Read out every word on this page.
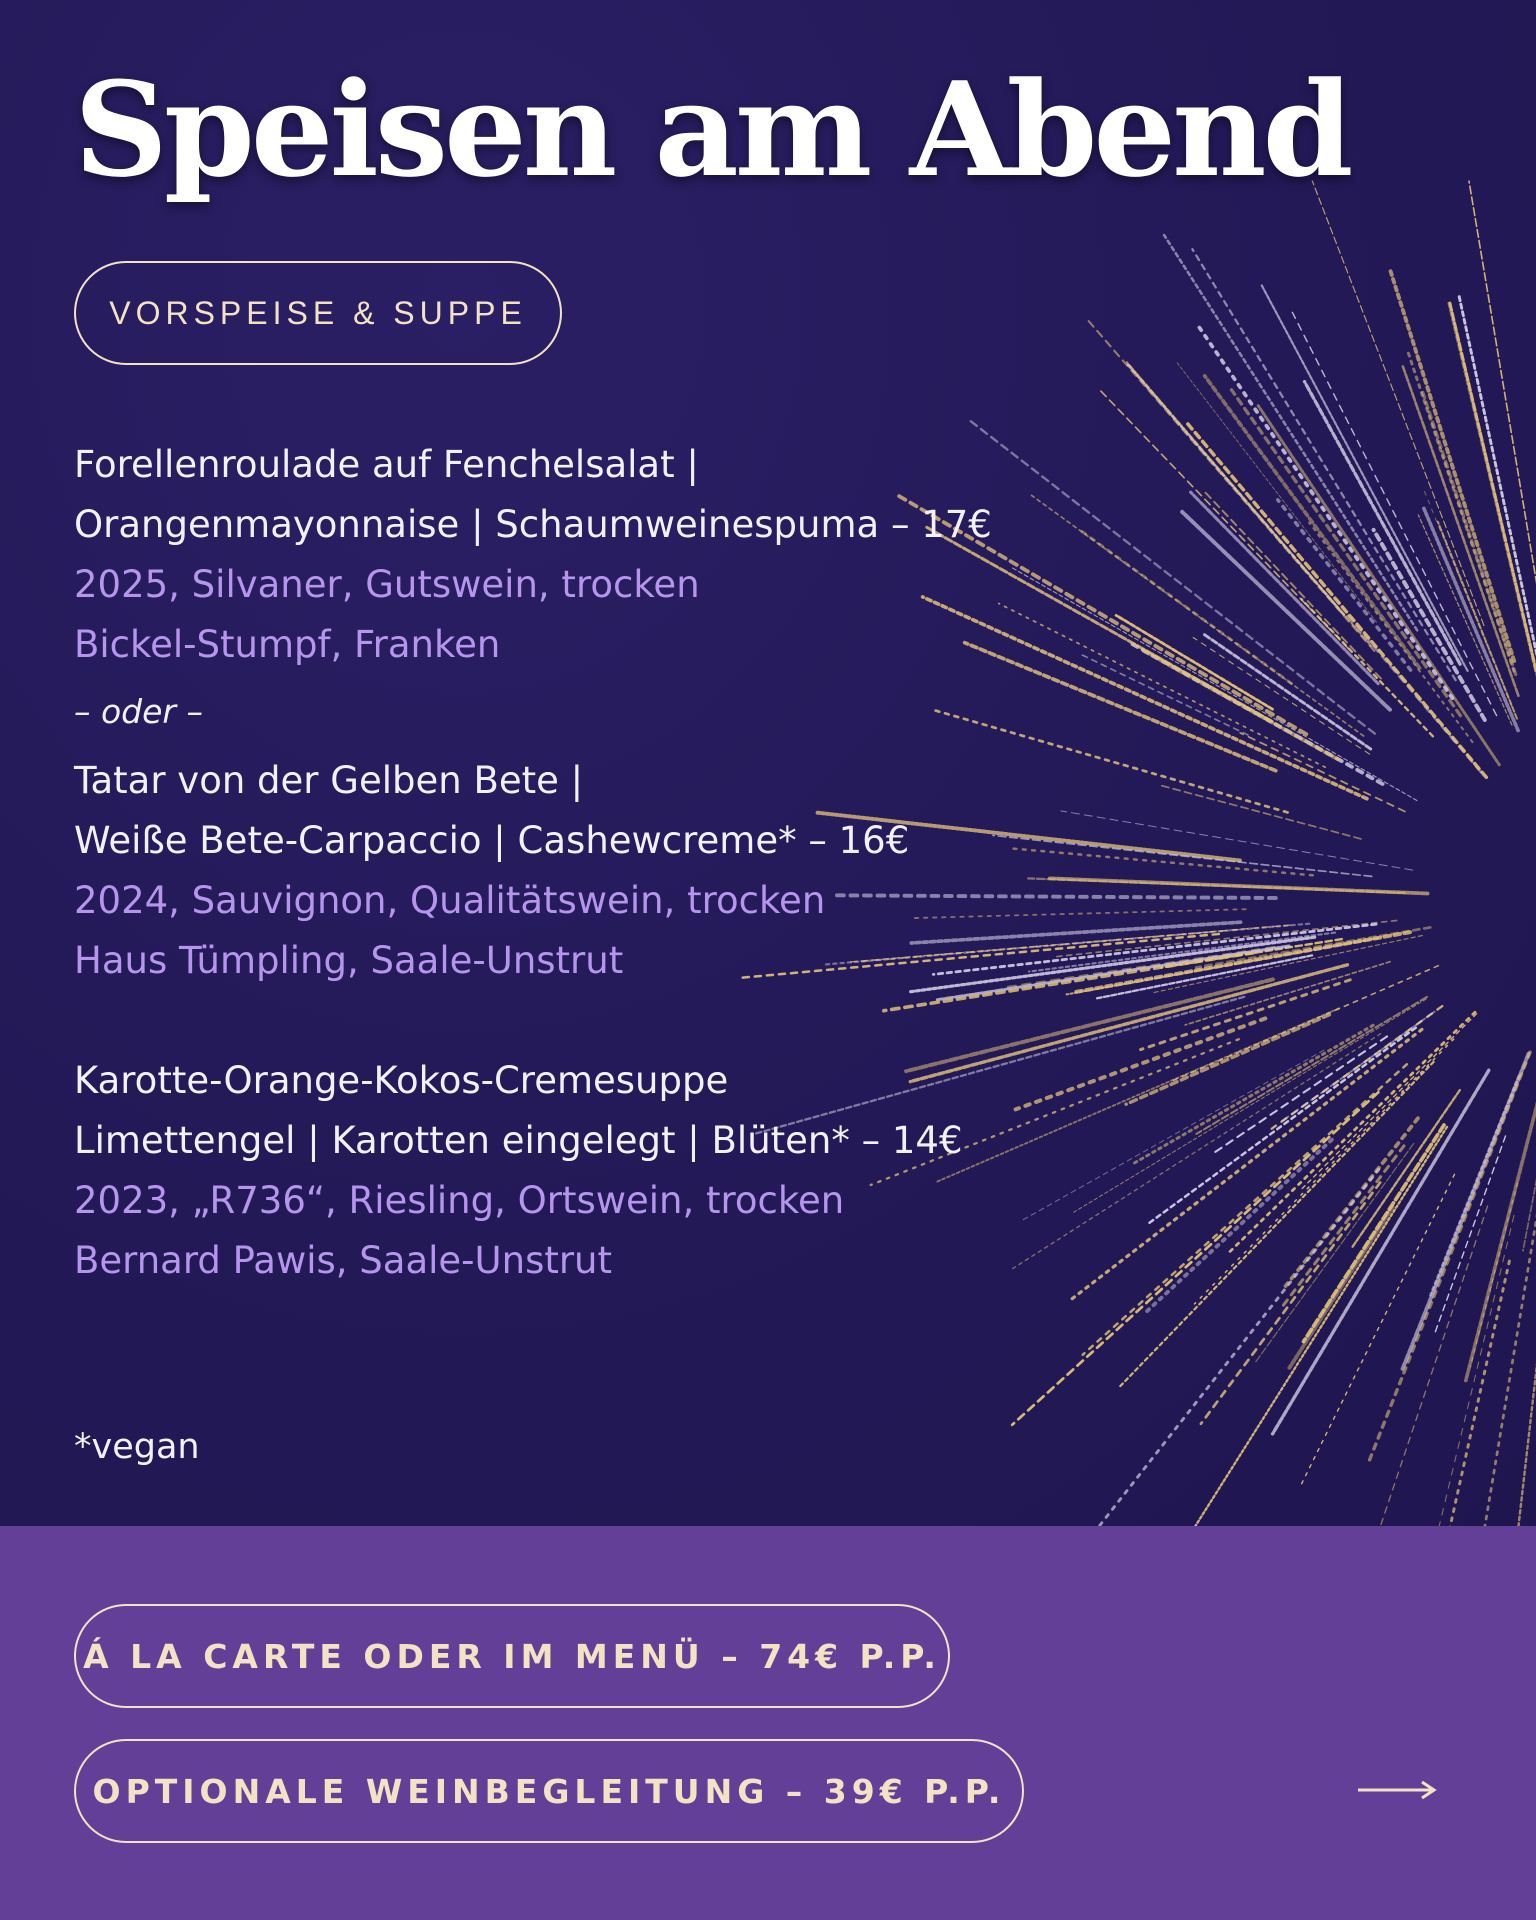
Speisen am Abend
VORSPEISE & SUPPE
Forellenroulade auf Fenchelsalat |
Orangenmayonnaise | Schaumweinespuma – 17€
2025, Silvaner, Gutswein, trocken
Bickel-Stumpf, Franken
– oder –
Tatar von der Gelben Bete |
Weiße Bete-Carpaccio | Cashewcreme* – 16€
2024, Sauvignon, Qualitätswein, trocken
Haus Tümpling, Saale-Unstrut
Karotte-Orange-Kokos-Cremesuppe
Limettengel | Karotten eingelegt | Blüten* – 14€
2023, „R736“, Riesling, Ortswein, trocken
Bernard Pawis, Saale-Unstrut
*vegan
Á LA CARTE ODER IM MENÜ – 74€ P.P.
OPTIONALE WEINBEGLEITUNG – 39€ P.P.
